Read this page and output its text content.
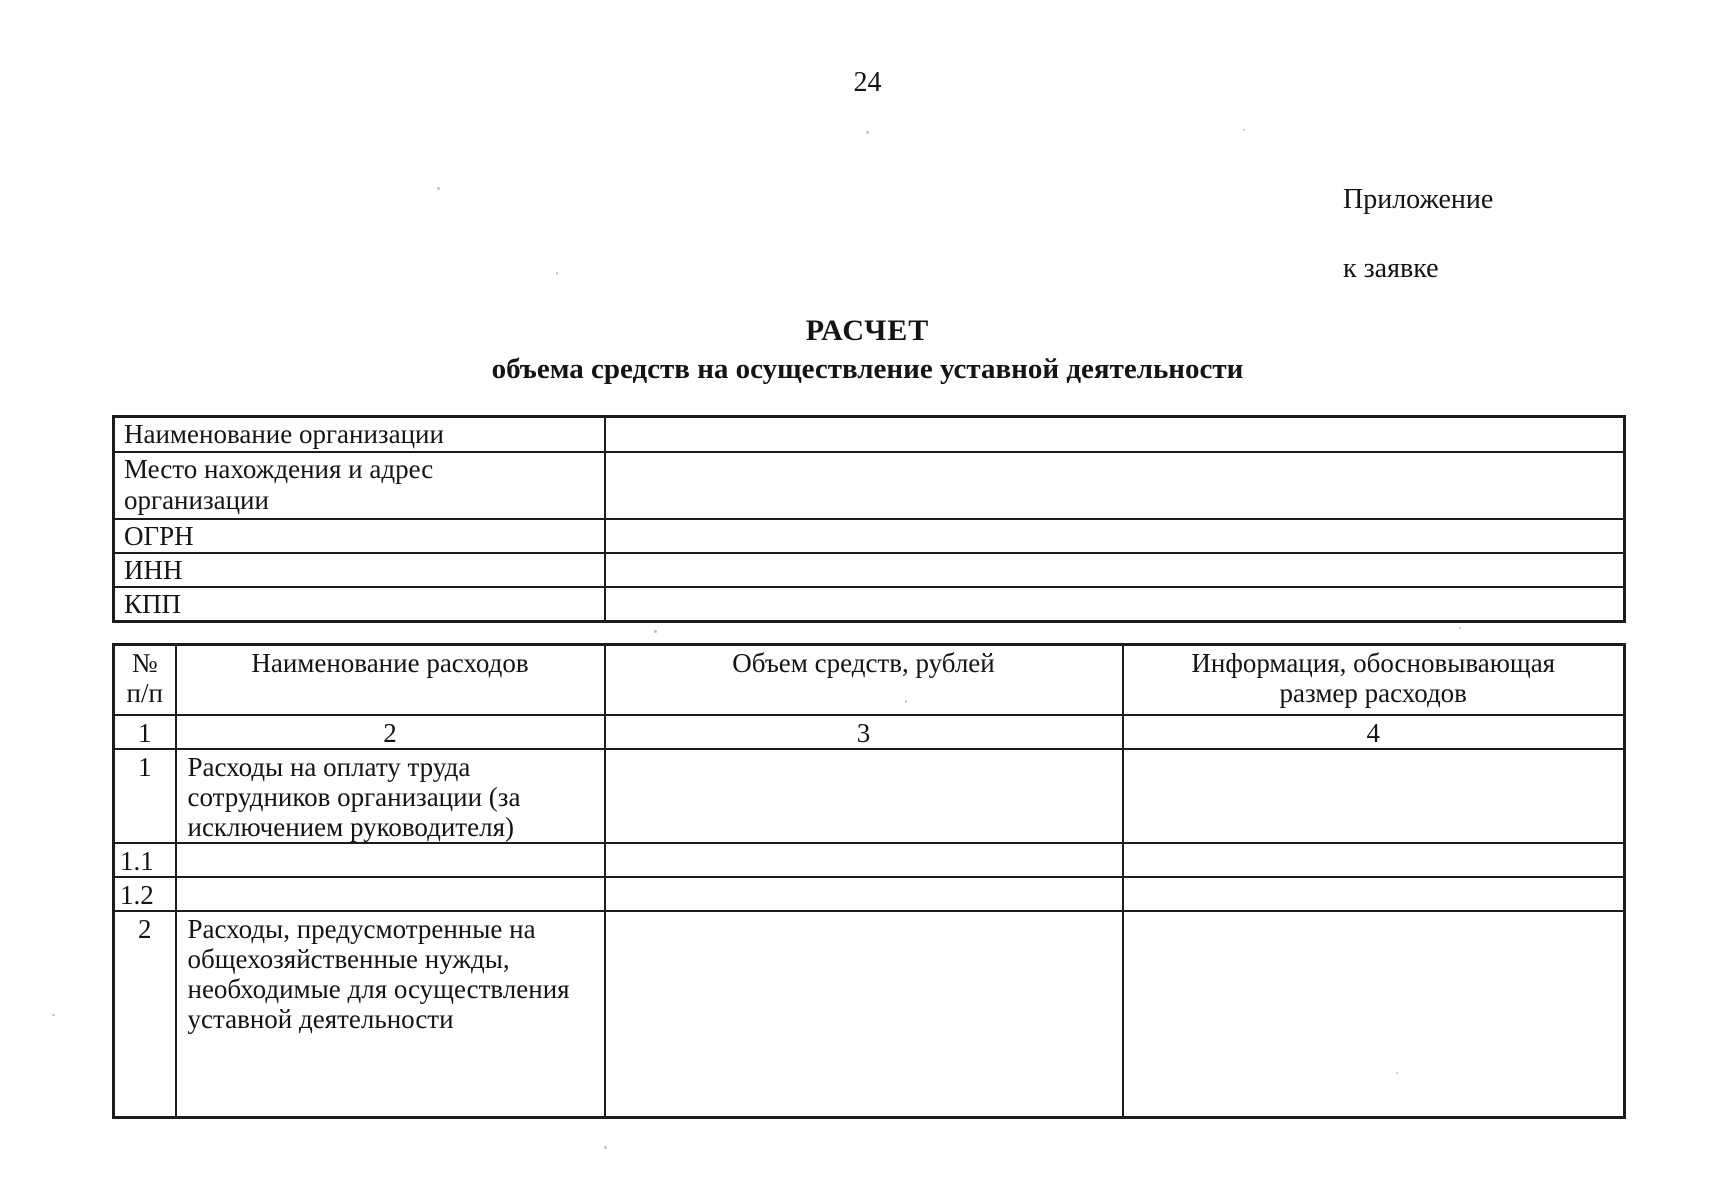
24
Приложение
к заявке
РАСЧЕТ
объема средств на осуществление уставной деятельности
Наименование организации	

Место нахождения и адрес организации	

ОГРН	

ИНН	

КПП	

№ п/п	Наименование расходов	Объем средств, рублей	Информация, обосновывающая размер расходов

1	2	3	4
1	Расходы на оплату труда сотрудников организации (за исключением руководителя)		

1.1	

1.2	

2	Расходы, предусмотренные на общехозяйственные нужды, необходимые для осуществления уставной деятельности		
